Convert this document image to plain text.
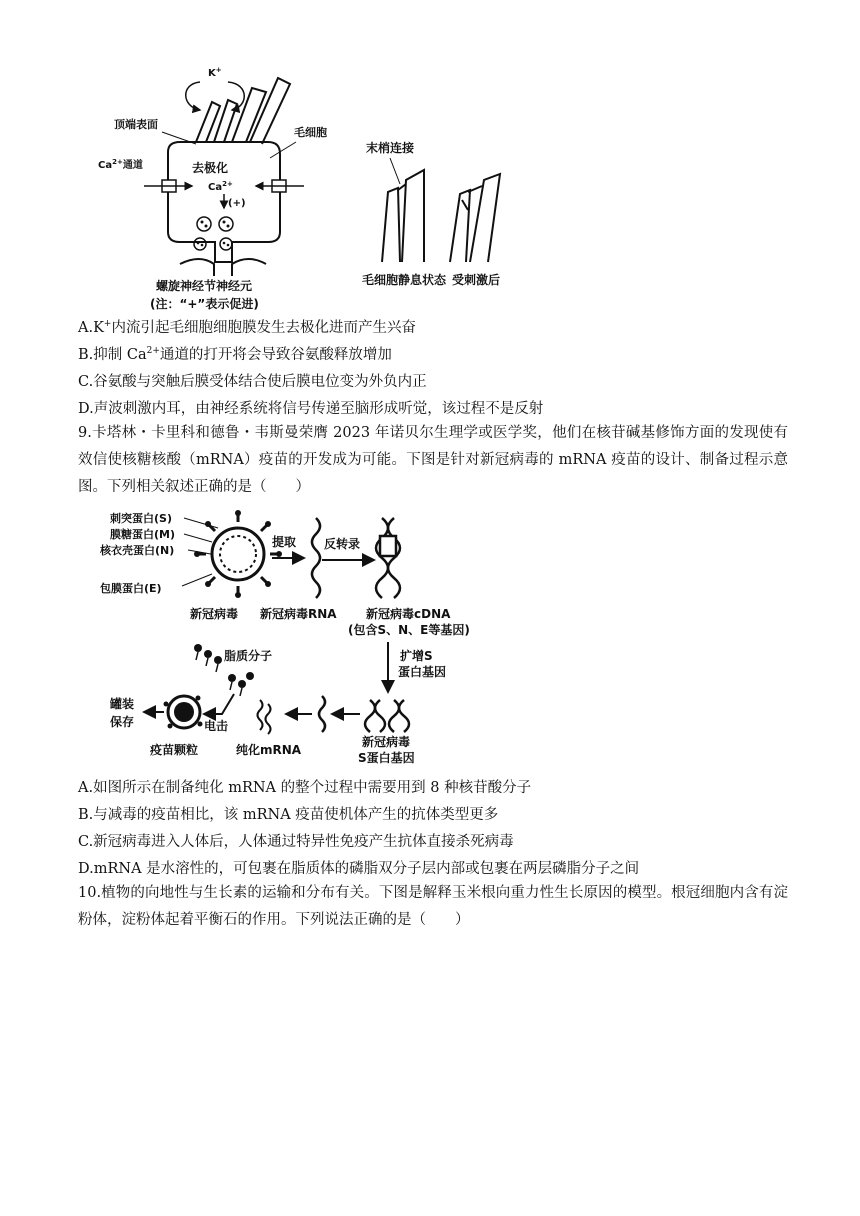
K+
顶端表面
毛细胞
$Ca^{2+}$通道	去极化
$Ca^{2+}$
(+)
螺旋神经节神经元
(注：“+”表示促进)
末梢连接
毛细胞静息状态 受刺激后
A.K+内流引起毛细胞细胞膜发生去极化进而产生兴奋
B.抑制 $Ca^{2+}$通道的打开将会导致谷氨酸释放增加
C.谷氨酸与突触后膜受体结合使后膜电位变为外负内正
D.声波刺激内耳，由神经系统将信号传递至脑形成听觉，该过程不是反射
9.卡塔林・卡里科和德鲁・韦斯曼荣膺 2023 年诺贝尔生理学或医学奖，他们在核苷碱基修饰方面的发现使有效信使核糖核酸（mRNA）疫苗的开发成为可能。下图是针对新冠病毒的 mRNA 疫苗的设计、制备过程示意图。下列相关叙述正确的是（　　）
刺突蛋白(S)
膜糖蛋白(M)
核衣壳蛋白(N)
包膜蛋白(E)
新冠病毒
提取
新冠病毒RNA
反转录
新冠病毒cDNA
(包含S、N、E等基因)
扩增S
蛋白基因
新冠病毒
S蛋白基因
纯化mRNA
脂质分子
电击
疫苗颗粒
罐装
保存
A.如图所示在制备纯化 mRNA 的整个过程中需要用到 8 种核苷酸分子
B.与减毒的疫苗相比，该 mRNA 疫苗使机体产生的抗体类型更多
C.新冠病毒进入人体后，人体通过特异性免疫产生抗体直接杀死病毒
D.mRNA 是水溶性的，可包裹在脂质体的磷脂双分子层内部或包裹在两层磷脂分子之间
10.植物的向地性与生长素的运输和分布有关。下图是解释玉米根向重力性生长原因的模型。根冠细胞内含有淀粉体，淀粉体起着平衡石的作用。下列说法正确的是（　　）
